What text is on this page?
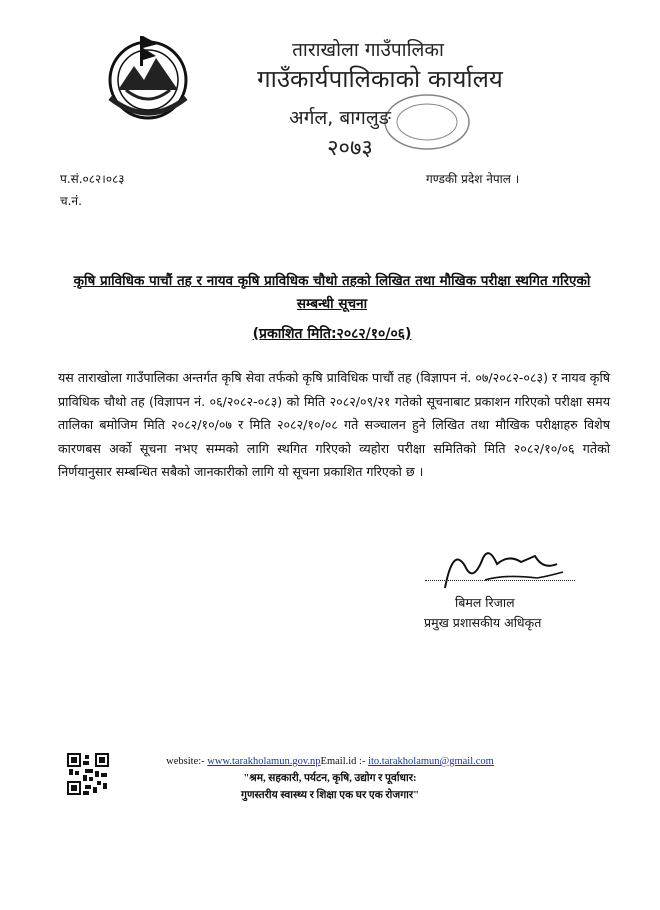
ताराखोला गाउँपालिका
गाउँकार्यपालिकाको कार्यालय
अर्गल, बागलुङ
२०७३
प.सं.०८२।०८३
च.नं.
गण्डकी प्रदेश नेपाल ।
कृषि प्राविधिक पाचौं तह र नायव कृषि प्राविधिक चौथो तहको लिखित तथा मौखिक परीक्षा स्थगित गरिएको सम्बन्धी सूचना
(प्रकाशित मिति:२०८२/१०/०६)
यस ताराखोला गाउँपालिका अन्तर्गत कृषि सेवा तर्फको कृषि प्राविधिक पाचौं तह (विज्ञापन नं. ०७/२०८२-०८३) र नायव कृषि प्राविधिक चौथो तह (विज्ञापन नं. ०६/२०८२-०८३) को मिति २०८२/०९/२१ गतेको सूचनाबाट प्रकाशन गरिएको परीक्षा समय तालिका बमोजिम मिति २०८२/१०/०७ र मिति २०८२/१०/०८ गते सञ्चालन हुने लिखित तथा मौखिक परीक्षाहरु विशेष कारणबस अर्को सूचना नभए सम्मको लागि स्थगित गरिएको व्यहोरा परीक्षा समितिको मिति २०८२/१०/०६ गतेको निर्णयानुसार सम्बन्धित सबैको जानकारीको लागि यो सूचना प्रकाशित गरिएको छ ।
बिमल रिजाल
प्रमुख प्रशासकीय अधिकृत
website:- www.tarakholamun.gov.npEmail.id :- ito.tarakholamun@gmail.com
"श्रम, सहकारी, पर्यटन, कृषि, उद्योग र पूर्वाधार:
गुणस्तरीय स्वास्थ्य र शिक्षा एक घर एक रोजगार"
